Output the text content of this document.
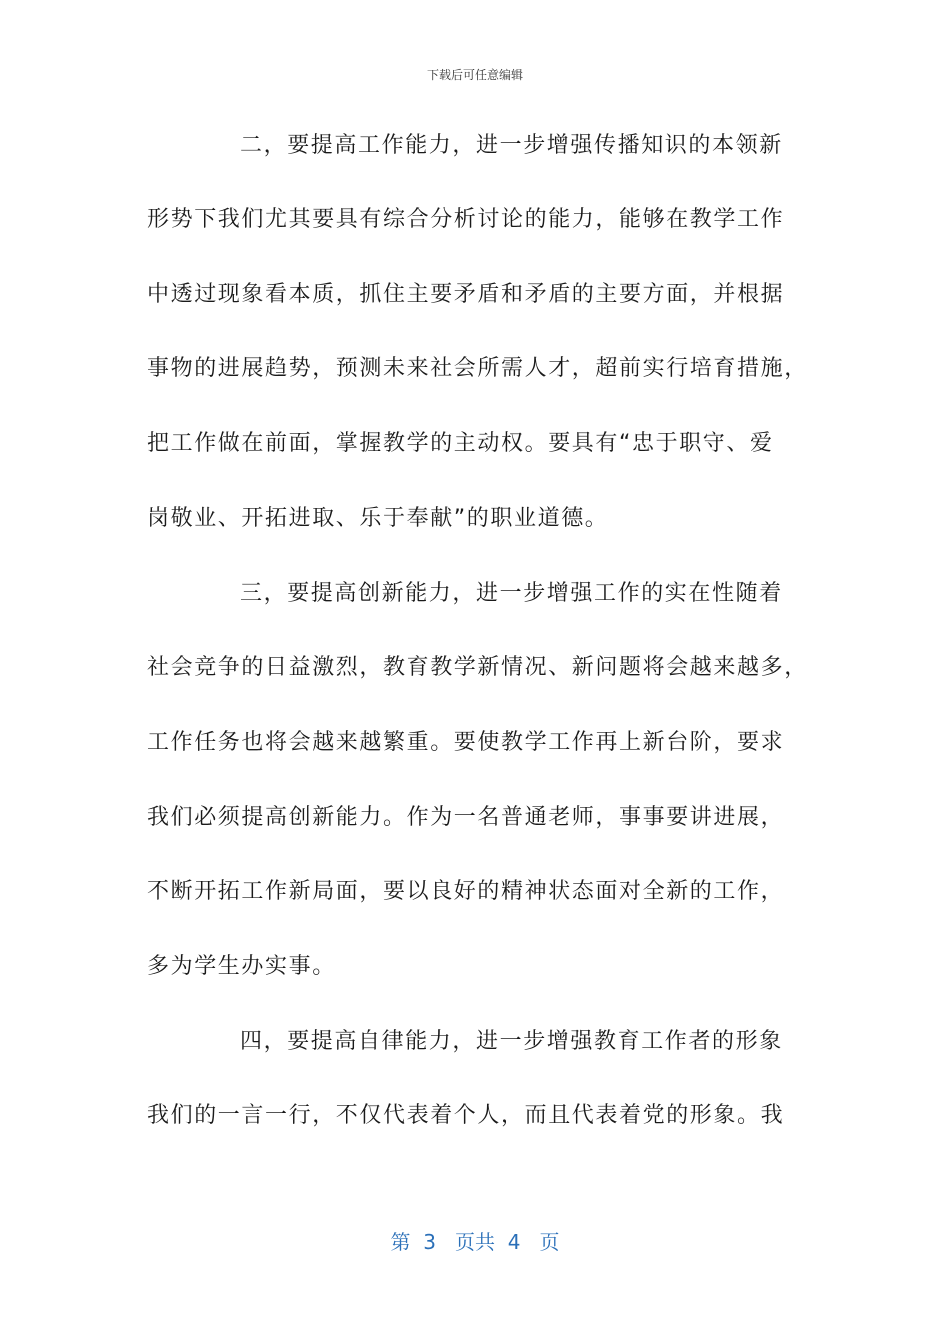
下载后可任意编辑
二，要提高工作能力，进一步增强传播知识的本领新
形势下我们尤其要具有综合分析讨论的能力，能够在教学工作
中透过现象看本质，抓住主要矛盾和矛盾的主要方面，并根据
事物的进展趋势，预测未来社会所需人才，超前实行培育措施，
把工作做在前面，掌握教学的主动权。要具有“忠于职守、爱
岗敬业、开拓进取、乐于奉献”的职业道德。
三，要提高创新能力，进一步增强工作的实在性随着
社会竞争的日益激烈，教育教学新情况、新问题将会越来越多，
工作任务也将会越来越繁重。要使教学工作再上新台阶，要求
我们必须提高创新能力。作为一名普通老师，事事要讲进展，
不断开拓工作新局面，要以良好的精神状态面对全新的工作，
多为学生办实事。
四，要提高自律能力，进一步增强教育工作者的形象
我们的一言一行，不仅代表着个人，而且代表着党的形象。我
第  3   页共  4   页
